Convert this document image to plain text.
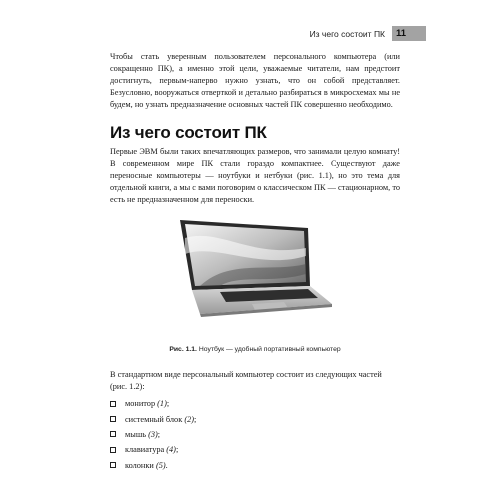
Из чего состоит ПК	11

Чтобы стать уверенным пользователем персонального компьютера (или сокращенно ПК), а именно этой цели, уважаемые читатели, нам предстоит достигнуть, первым-наперво нужно узнать, что он собой представляет. Безусловно, вооружаться отверткой и детально разбираться в микросхемах мы не будем, но узнать предназначение основных частей ПК совершенно необходимо.

Из чего состоит ПК

Первые ЭВМ были таких впечатляющих размеров, что занимали целую комнату! В современном мире ПК стали гораздо компактнее. Существуют даже переносные компьютеры — ноутбуки и нетбуки (рис. 1.1), но это тема для отдельной книги, а мы с вами поговорим о классическом ПК — стационарном, то есть не предназначенном для переноски.

Рис. 1.1. Ноутбук — удобный портативный компьютер

В стандартном виде персональный компьютер состоит из следующих частей (рис. 1.2):

монитор (1);
системный блок (2);
мышь (3);
клавиатура (4);
колонки (5).
